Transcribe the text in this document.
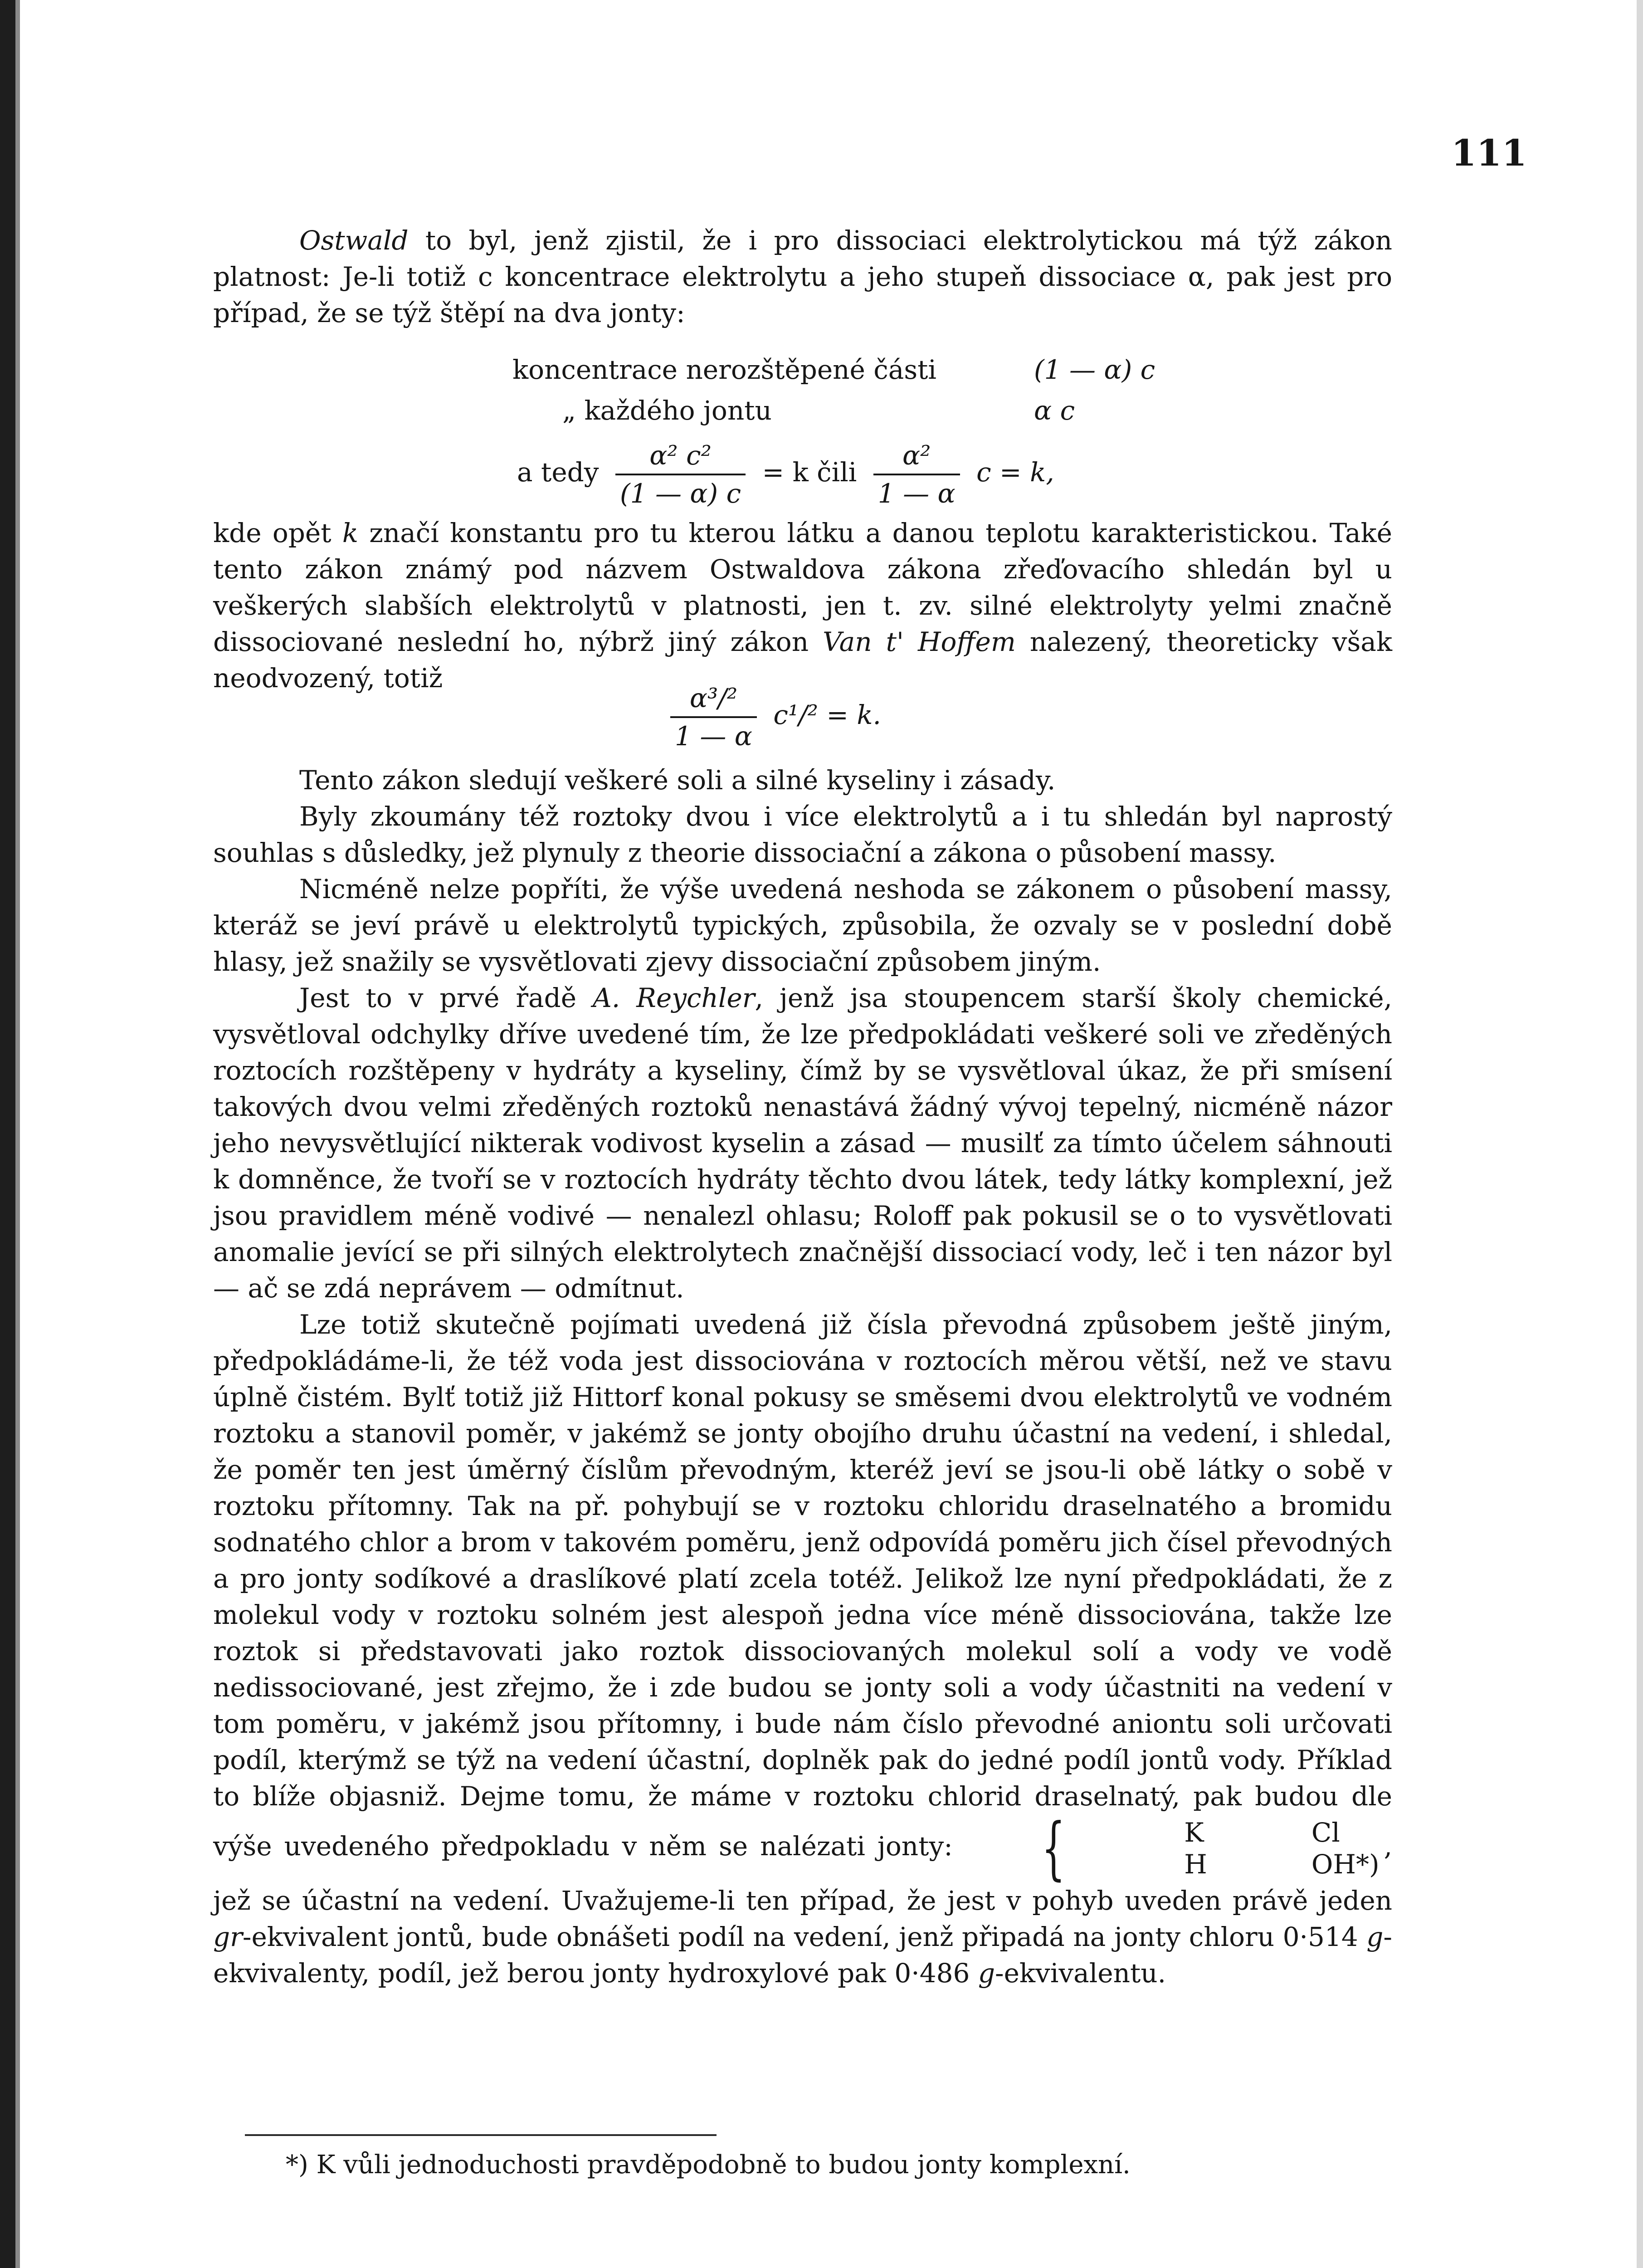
111

Ostwald to byl, jenž zjistil, že i pro dissociaci elektrolytickou má týž zákon platnost: Je-li totiž c koncentrace elektrolytu a jeho stupeň dissociace α, pak jest pro případ, že se týž štěpí na dva jonty:

koncentrace nerozštěpené části	(1 — α) c
„ každého jontu	α c
a tedy $\frac{\text{α² c²}}{(1 — \alpha) c} = k$ čili $\frac{\text{α²}}{1 — \alpha}$ c = k,

kde opět k značí konstantu pro tu kterou látku a danou teplotu karakteristickou. Také tento zákon známý pod názvem Ostwaldova zákona zřeďovacího shledán byl u veškerých slabších elektrolytů v platnosti, jen t. zv. silné elektrolyty yelmi značně dissociované neslední ho, nýbrž jiný zákon Van t' Hoffem nalezený, theoreticky však neodvozený, totiž

$\frac{\text{α³/²}}{1 — \alpha} c^1/^2 = k$.

Tento zákon sledují veškeré soli a silné kyseliny i zásady.

Byly zkoumány též roztoky dvou i více elektrolytů a i tu shledán byl naprostý souhlas s důsledky, jež plynuly z theorie dissociační a zákona o působení massy.

Nicméně nelze popříti, že výše uvedená neshoda se zákonem o působení massy, kteráž se jeví právě u elektrolytů typických, způsobila, že ozvaly se v poslední době hlasy, jež snažily se vysvětlovati zjevy dissociační způsobem jiným.

Jest to v prvé řadě A. Reychler, jenž jsa stoupencem starší školy chemické, vysvětloval odchylky dříve uvedené tím, že lze předpokládati veškeré soli ve zředěných roztocích rozštěpeny v hydráty a kyseliny, čímž by se vysvětloval úkaz, že při smísení takových dvou velmi zředěných roztoků nenastává žádný vývoj tepelný, nicméně názor jeho nevysvětlující nikterak vodivost kyselin a zásad — musilť za tímto účelem sáhnouti k domněnce, že tvoří se v roztocích hydráty těchto dvou látek, tedy látky komplexní, jež jsou pravidlem méně vodivé — nenalezl ohlasu; Roloff pak pokusil se o to vysvětlovati anomalie jevící se při silných elektrolytech značnější dissociací vody, leč i ten názor byl — ač se zdá neprávem — odmítnut.

Lze totiž skutečně pojímati uvedená již čísla převodná způsobem ještě jiným, předpokládáme-li, že též voda jest dissociována v roztocích měrou větší, než ve stavu úplně čistém. Bylť totiž již Hittorf konal pokusy se směsemi dvou elektrolytů ve vodném roztoku a stanovil poměr, v jakémž se jonty obojího druhu účastní na vedení, i shledal, že poměr ten jest úměrný číslům převodným, kteréž jeví se jsou-li obě látky o sobě v roztoku přítomny. Tak na př. pohybují se v roztoku chloridu draselnatého a bromidu sodnatého chlor a brom v takovém poměru, jenž odpovídá poměru jich čísel převodných a pro jonty sodíkové a draslíkové platí zcela totéž. Jelikož lze nyní předpokládati, že z molekul vody v roztoku solném jest alespoň jedna více méně dissociována, takže lze roztok si představovati jako roztok dissociovaných molekul solí a vody ve vodě nedissociované, jest zřejmo, že i zde budou se jonty soli a vody účastniti na vedení v tom poměru, v jakémž jsou přítomny, i bude nám číslo převodné aniontu soli určovati podíl, kterýmž se týž na vedení účastní, doplněk pak do jedné podíl jontů vody. Příklad to blíže objasniž. Dejme tomu, že máme v roztoku chlorid draselnatý, pak budou dle výše uvedeného předpokladu v něm se nalézati jonty:	{	K	Cl
H	OH*)
, jež se účastní na vedení. Uvažujeme-li ten případ, že jest v pohyb uveden právě jeden gr-ekvivalent jontů, bude obnášeti podíl na vedení, jenž připadá na jonty chloru 0·514 g-ekvivalenty, podíl, jež berou jonty hydroxylové pak 0·486 g-ekvivalentu.

*) K vůli jednoduchosti pravděpodobně to budou jonty komplexní.
